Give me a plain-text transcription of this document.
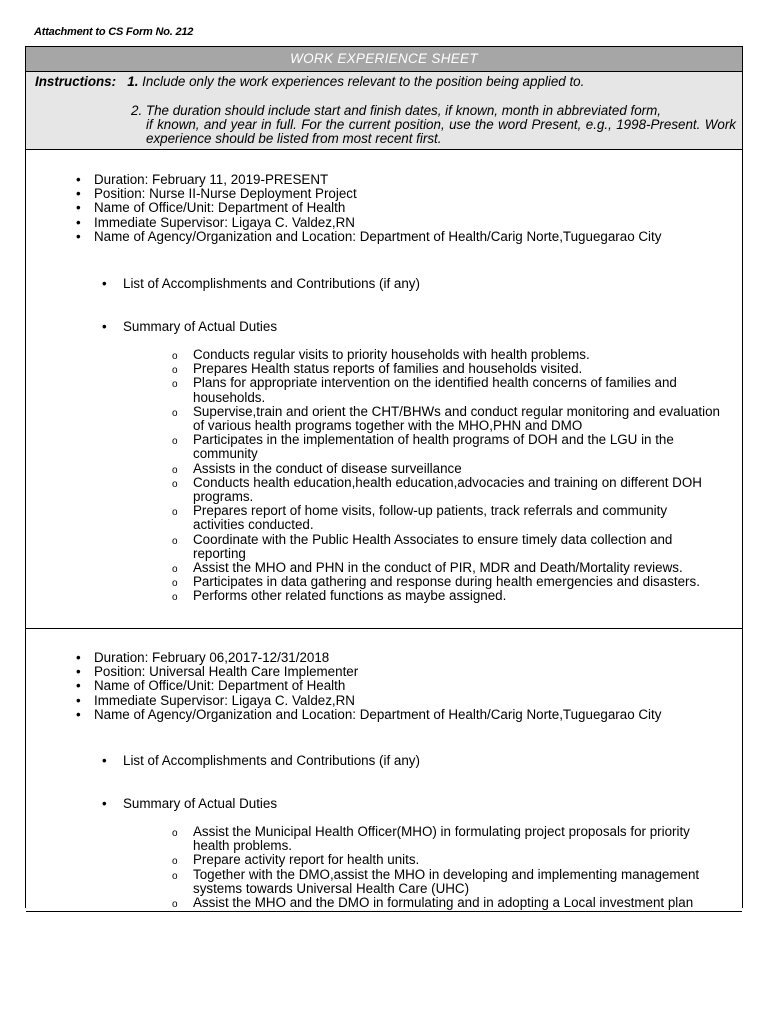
Attachment to CS Form No. 212
WORK EXPERIENCE SHEET
Instructions: 1. Include only the work experiences relevant to the position being applied to.
2. The duration should include start and finish dates, if known, month in abbreviated form,
if known, and year in full. For the current position, use the word Present, e.g., 1998-Present. Work experience should be listed from most recent first.
• Duration: February 11, 2019-PRESENT
• Position: Nurse II-Nurse Deployment Project
• Name of Office/Unit: Department of Health
• Immediate Supervisor: Ligaya C. Valdez,RN
• Name of Agency/Organization and Location: Department of Health/Carig Norte,Tuguegarao City
• List of Accomplishments and Contributions (if any)
• Summary of Actual Duties
o Conducts regular visits to priority households with health problems.
o Prepares Health status reports of families and households visited.
o Plans for appropriate intervention on the identified health concerns of families and households.
o Supervise,train and orient the CHT/BHWs and conduct regular monitoring and evaluation of various health programs together with the MHO,PHN and DMO
o Participates in the implementation of health programs of DOH and the LGU in the community
o Assists in the conduct of disease surveillance
o Conducts health education,health education,advocacies and training on different DOH programs.
o Prepares report of home visits, follow-up patients, track referrals and community activities conducted.
o Coordinate with the Public Health Associates to ensure timely data collection and reporting
o Assist the MHO and PHN in the conduct of PIR, MDR and Death/Mortality reviews.
o Participates in data gathering and response during health emergencies and disasters.
o Performs other related functions as maybe assigned.
• Duration: February 06,2017-12/31/2018
• Position: Universal Health Care Implementer
• Name of Office/Unit: Department of Health
• Immediate Supervisor: Ligaya C. Valdez,RN
• Name of Agency/Organization and Location: Department of Health/Carig Norte,Tuguegarao City
• List of Accomplishments and Contributions (if any)
• Summary of Actual Duties
o Assist the Municipal Health Officer(MHO) in formulating project proposals for priority health problems.
o Prepare activity report for health units.
o Together with the DMO,assist the MHO in developing and implementing management systems towards Universal Health Care (UHC)
o Assist the MHO and the DMO in formulating and in adopting a Local investment plan
